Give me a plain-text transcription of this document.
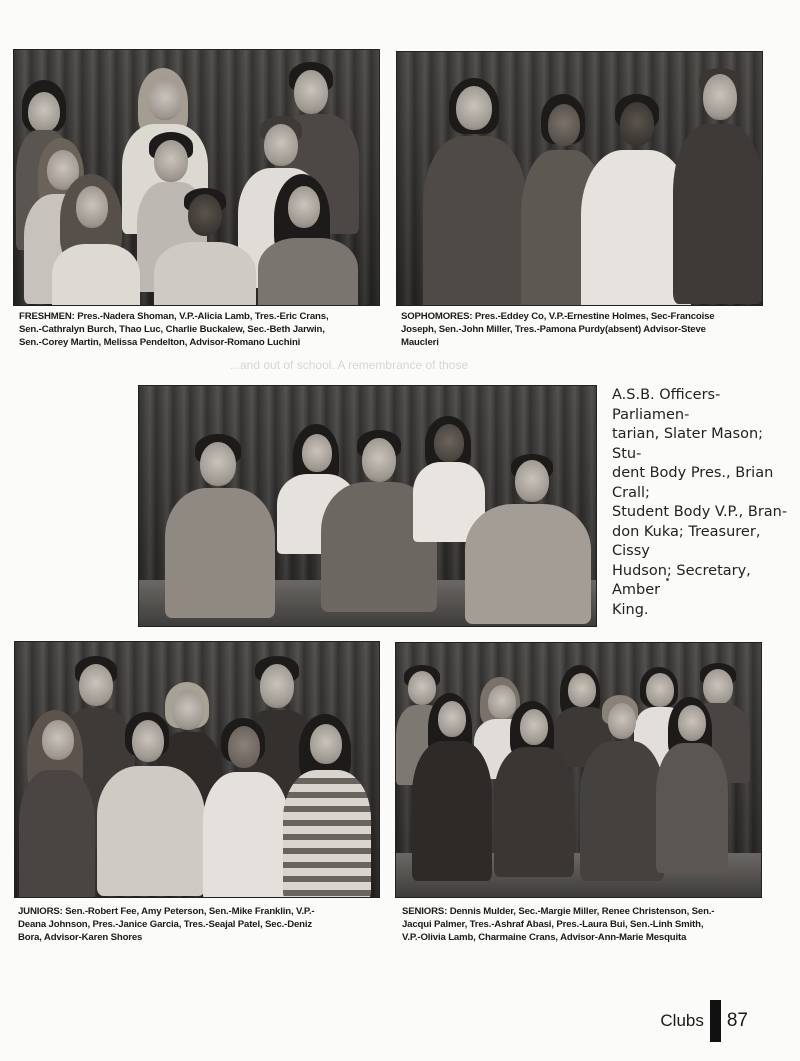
FRESHMEN: Pres.-Nadera Shoman, V.P.-Alicia Lamb, Tres.-Eric Crans,
Sen.-Cathralyn Burch, Thao Luc, Charlie Buckalew, Sec.-Beth Jarwin,
Sen.-Corey Martin, Melissa Pendelton, Advisor-Romano Luchini
SOPHOMORES: Pres.-Eddey Co, V.P.-Ernestine Holmes, Sec-Francoise
Joseph, Sen.-John Miller, Tres.-Pamona Purdy(absent) Advisor-Steve
Maucleri
...and out of school. A remembrance of those
A.S.B. Officers-Parliamen-
tarian, Slater Mason; Stu-
dent Body Pres., Brian Crall;
Student Body V.P., Bran-
don Kuka; Treasurer, Cissy
Hudson; Secretary, Amber
King.
JUNIORS: Sen.-Robert Fee, Amy Peterson, Sen.-Mike Franklin, V.P.-
Deana Johnson, Pres.-Janice Garcia, Tres.-Seajal Patel, Sec.-Deniz
Bora, Advisor-Karen Shores
SENIORS: Dennis Mulder, Sec.-Margie Miller, Renee Christenson, Sen.-
Jacqui Palmer, Tres.-Ashraf Abasi, Pres.-Laura Bui, Sen.-Linh Smith,
V.P.-Olivia Lamb, Charmaine Crans, Advisor-Ann-Marie Mesquita
Clubs 87
